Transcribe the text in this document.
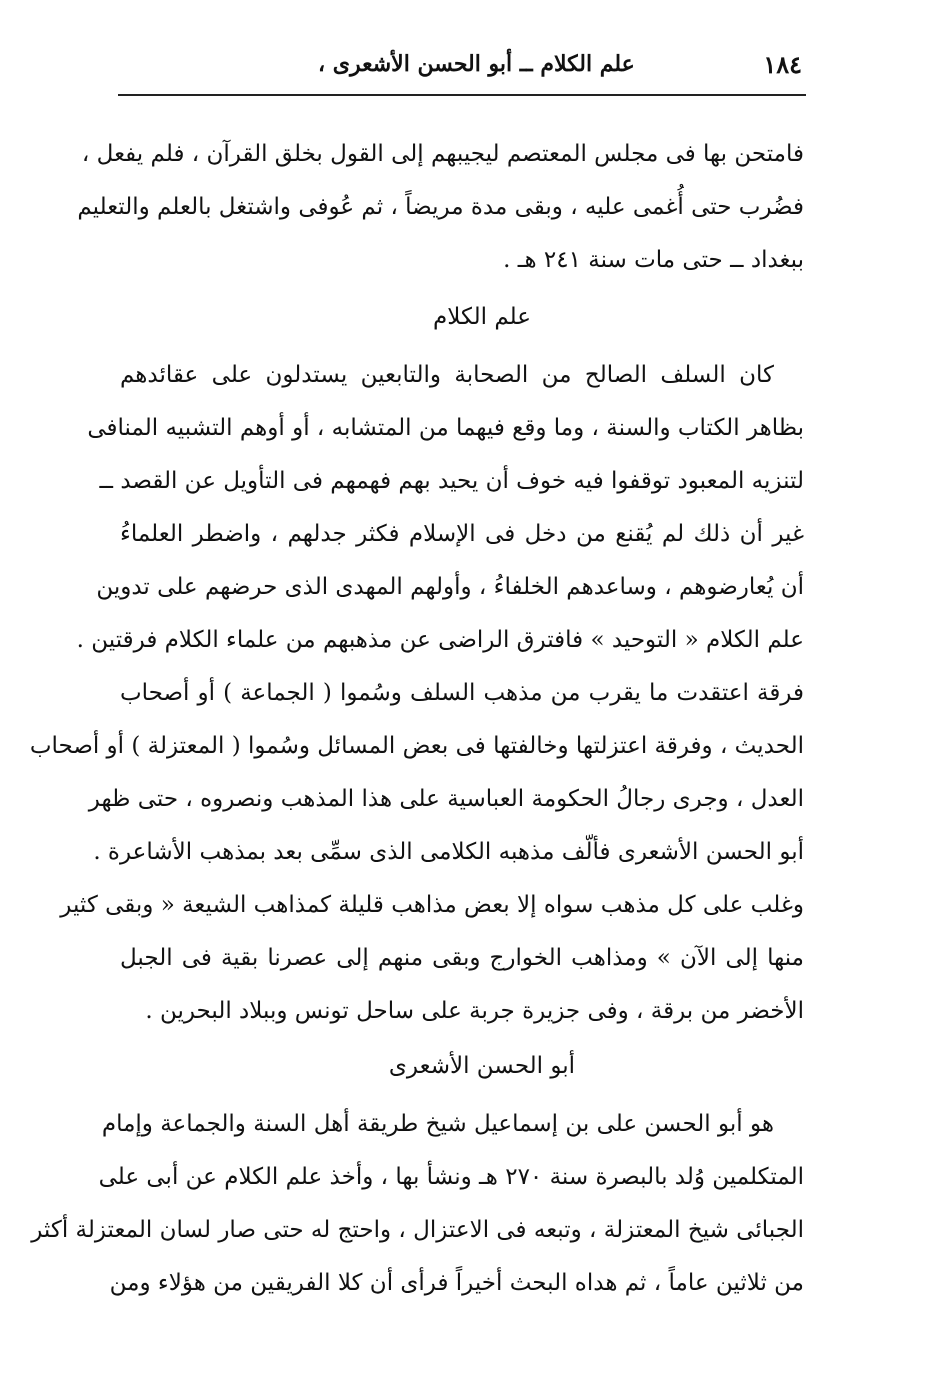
١٨٤
علم الكلام ــ أبو الحسن الأشعرى ،
فامتحن بها فى مجلس المعتصم ليجيبهم إلى القول بخلق القرآن ، فلم يفعل ،
فضُرب حتى أُغمى عليه ، وبقى مدة مريضاً ، ثم عُوفى واشتغل بالعلم والتعليم
ببغداد ــ حتى مات سنة ٢٤١ هـ .
علم الكلام
كان السلف الصالح من الصحابة والتابعين يستدلون على عقائدهم
بظاهر الكتاب والسنة ، وما وقع فيهما من المتشابه ، أو أوهم التشبيه المنافى
لتنزيه المعبود توقفوا فيه خوف أن يحيد بهم فهمهم فى التأويل عن القصد ــ
غير أن ذلك لم يُقنع من دخل فى الإسلام فكثر جدلهم ، واضطر العلماءُ
أن يُعارضوهم ، وساعدهم الخلفاءُ ، وأولهم المهدى الذى حرضهم على تدوين
علم الكلام « التوحيد » فافترق الراضى عن مذهبهم من علماء الكلام فرقتين .
فرقة اعتقدت ما يقرب من مذهب السلف وسُموا ( الجماعة ) أو أصحاب
الحديث ، وفرقة اعتزلتها وخالفتها فى بعض المسائل وسُموا ( المعتزلة ) أو أصحاب
العدل ، وجرى رجالُ الحكومة العباسية على هذا المذهب ونصروه ، حتى ظهر
أبو الحسن الأشعرى فألّف مذهبه الكلامى الذى سمِّى بعد بمذهب الأشاعرة .
وغلب على كل مذهب سواه إلا بعض مذاهب قليلة كمذاهب الشيعة « وبقى كثير
منها إلى الآن » ومذاهب الخوارج وبقى منهم إلى عصرنا بقية فى الجبل
الأخضر من برقة ، وفى جزيرة جربة على ساحل تونس وببلاد البحرين .
أبو الحسن الأشعرى
هو أبو الحسن على بن إسماعيل شيخ طريقة أهل السنة والجماعة وإمام
المتكلمين وُلد بالبصرة سنة ٢٧٠ هـ ونشأ بها ، وأخذ علم الكلام عن أبى على
الجبائى شيخ المعتزلة ، وتبعه فى الاعتزال ، واحتج له حتى صار لسان المعتزلة أكثر
من ثلاثين عاماً ، ثم هداه البحث أخيراً فرأى أن كلا الفريقين من هؤلاء ومن
